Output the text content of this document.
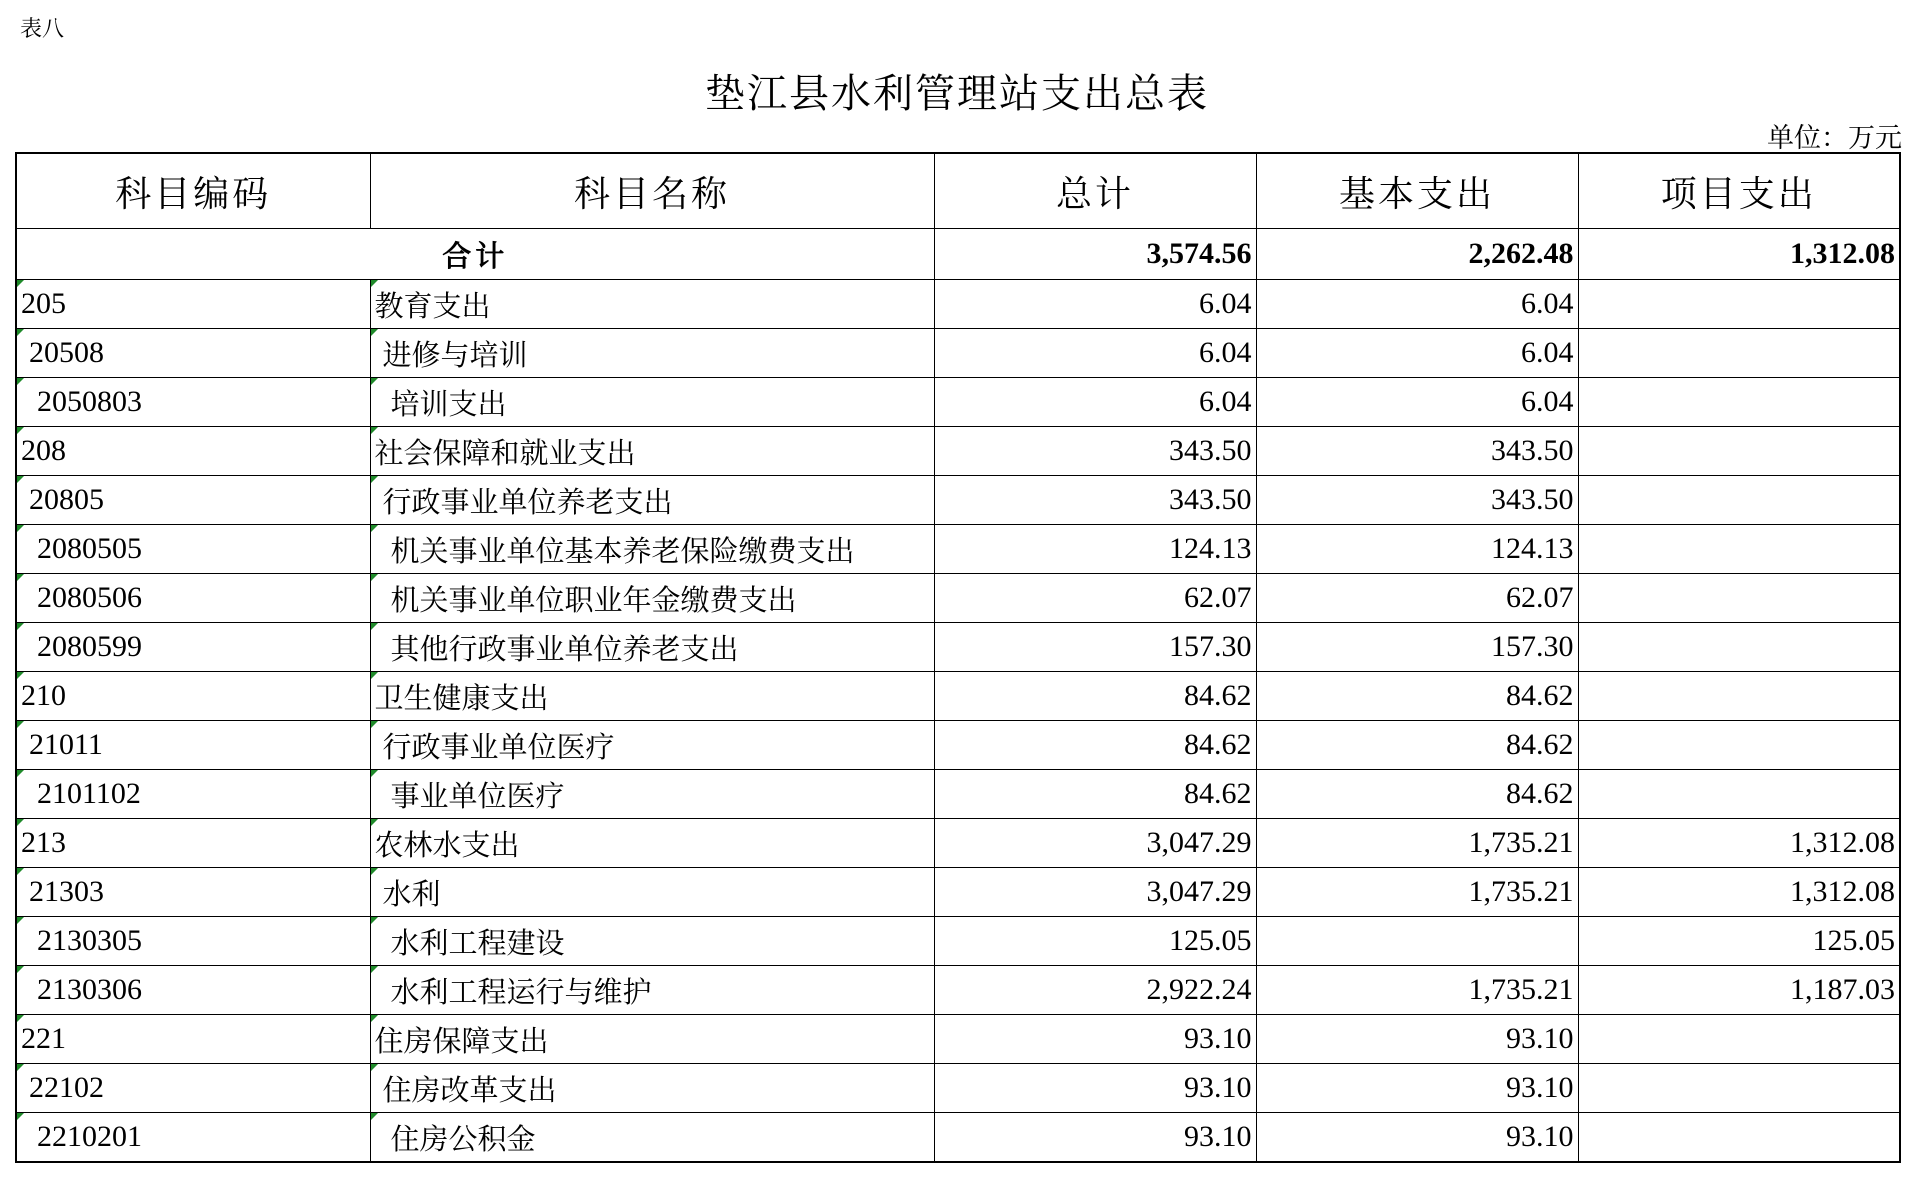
表八
垫江县水利管理站支出总表
单位：万元
科目编码	科目名称	总计	基本支出	项目支出
合计		3,574.56	2,262.48	1,312.08
205	教育支出	6.04	6.04	
20508	进修与培训	6.04	6.04	
2050803	培训支出	6.04	6.04	
208	社会保障和就业支出	343.50	343.50	
20805	行政事业单位养老支出	343.50	343.50	
2080505	机关事业单位基本养老保险缴费支出	124.13	124.13	
2080506	机关事业单位职业年金缴费支出	62.07	62.07	
2080599	其他行政事业单位养老支出	157.30	157.30	
210	卫生健康支出	84.62	84.62	
21011	行政事业单位医疗	84.62	84.62	
2101102	事业单位医疗	84.62	84.62	
213	农林水支出	3,047.29	1,735.21	1,312.08
21303	水利	3,047.29	1,735.21	1,312.08
2130305	水利工程建设	125.05		125.05
2130306	水利工程运行与维护	2,922.24	1,735.21	1,187.03
221	住房保障支出	93.10	93.10	
22102	住房改革支出	93.10	93.10	
2210201	住房公积金	93.10	93.10	
